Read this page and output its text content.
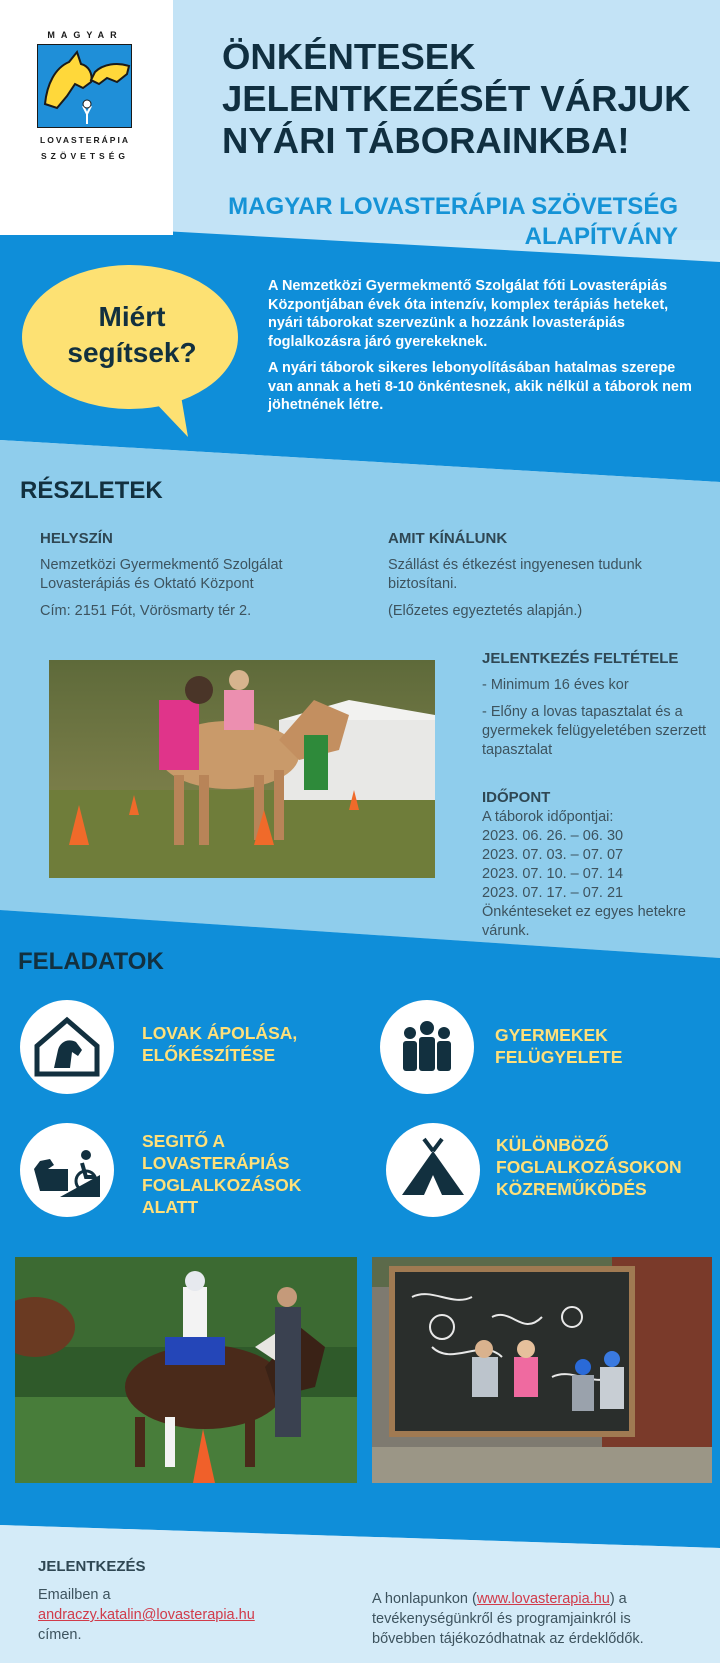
MAGYAR
LOVASTERÁPIA
SZÖVETSÉG
ÖNKÉNTESEK
JELENTKEZÉSÉT VÁRJUK
NYÁRI TÁBORAINKBA!
MAGYAR LOVASTERÁPIA SZÖVETSÉG
ALAPÍTVÁNY
Miért
segítsek?

A Nemzetközi Gyermekmentő Szolgálat fóti Lovasterápiás Központjában évek óta intenzív, komplex terápiás heteket, nyári táborokat szervezünk a hozzánk lovasterápiás foglalkozásra járó gyerekeknek.

A nyári táborok sikeres lebonyolításában hatalmas szerepe van annak a heti 8-10 önkéntesnek, akik nélkül a táborok nem jöhetnének létre.

RÉSZLETEK
HELYSZÍN

Nemzetközi Gyermekmentő Szolgálat Lovasterápiás és Oktató Központ

Cím: 2151 Fót, Vörösmarty tér 2.

AMIT KÍNÁLUNK

Szállást és étkezést ingyenesen tudunk biztosítani.

(Előzetes egyeztetés alapján.)

JELENTKEZÉS FELTÉTELE

- Minimum 16 éves kor

- Előny a lovas tapasztalat és a gyermekek felügyeletében szerzett tapasztalat

IDŐPONT
A táborok időpontjai:
2023. 06. 26. – 06. 30
2023. 07. 03. – 07. 07
2023. 07. 10. – 07. 14
2023. 07. 17. – 07. 21
Önkénteseket ez egyes hetekre várunk.
FELADATOK
LOVAK ÁPOLÁSA,
ELŐKÉSZÍTÉSE
GYERMEKEK
FELÜGYELETE
SEGITŐ A
LOVASTERÁPIÁS
FOGLALKOZÁSOK
ALATT
KÜLÖNBÖZŐ
FOGLALKOZÁSOKON
KÖZREMŰKÖDÉS
JELENTKEZÉS
Emailben a
andraczy.katalin@lovasterapia.hu
címen.
A honlapunkon (www.lovasterapia.hu) a
tevékenységünkről és programjainkról is
bővebben tájékozódhatnak az érdeklődők.
